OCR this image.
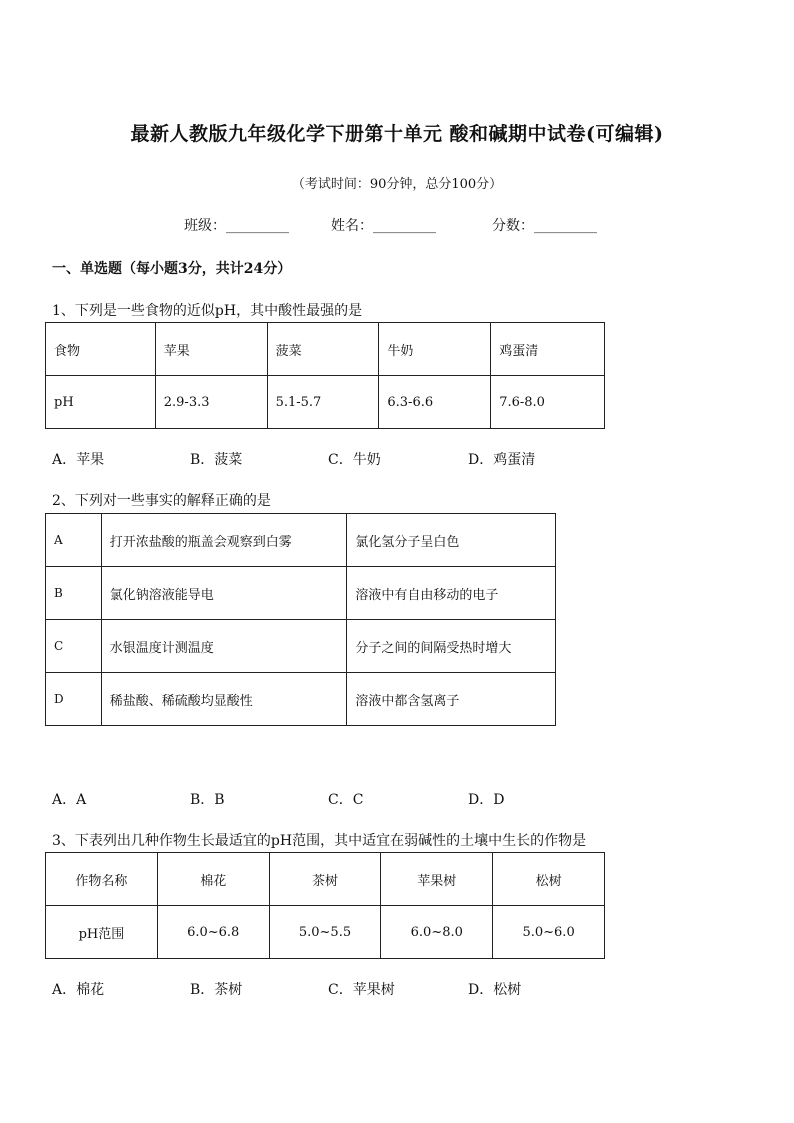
最新人教版九年级化学下册第十单元 酸和碱期中试卷(可编辑)
（考试时间：90分钟，总分100分）
班级：_________	姓名：_________	分数：_________
一、单选题（每小题3分，共计24分）
1、下列是一些食物的近似pH，其中酸性最强的是
食物	苹果	菠菜	牛奶	鸡蛋清
pH	2.9-3.3	5.1-5.7	6.3-6.6	7.6-8.0
A．苹果	B．菠菜	C．牛奶	D．鸡蛋清
2、下列对一些事实的解释正确的是
A	打开浓盐酸的瓶盖会观察到白雾	氯化氢分子呈白色
B	氯化钠溶液能导电	溶液中有自由移动的电子
C	水银温度计测温度	分子之间的间隔受热时增大
D	稀盐酸、稀硫酸均显酸性	溶液中都含氢离子
A．A	B．B	C．C	D．D
3、下表列出几种作物生长最适宜的pH范围，其中适宜在弱碱性的土壤中生长的作物是
作物名称	棉花	茶树	苹果树	松树
pH范围	6.0~6.8	5.0~5.5	6.0~8.0	5.0~6.0
A．棉花	B．茶树	C．苹果树	D．松树
